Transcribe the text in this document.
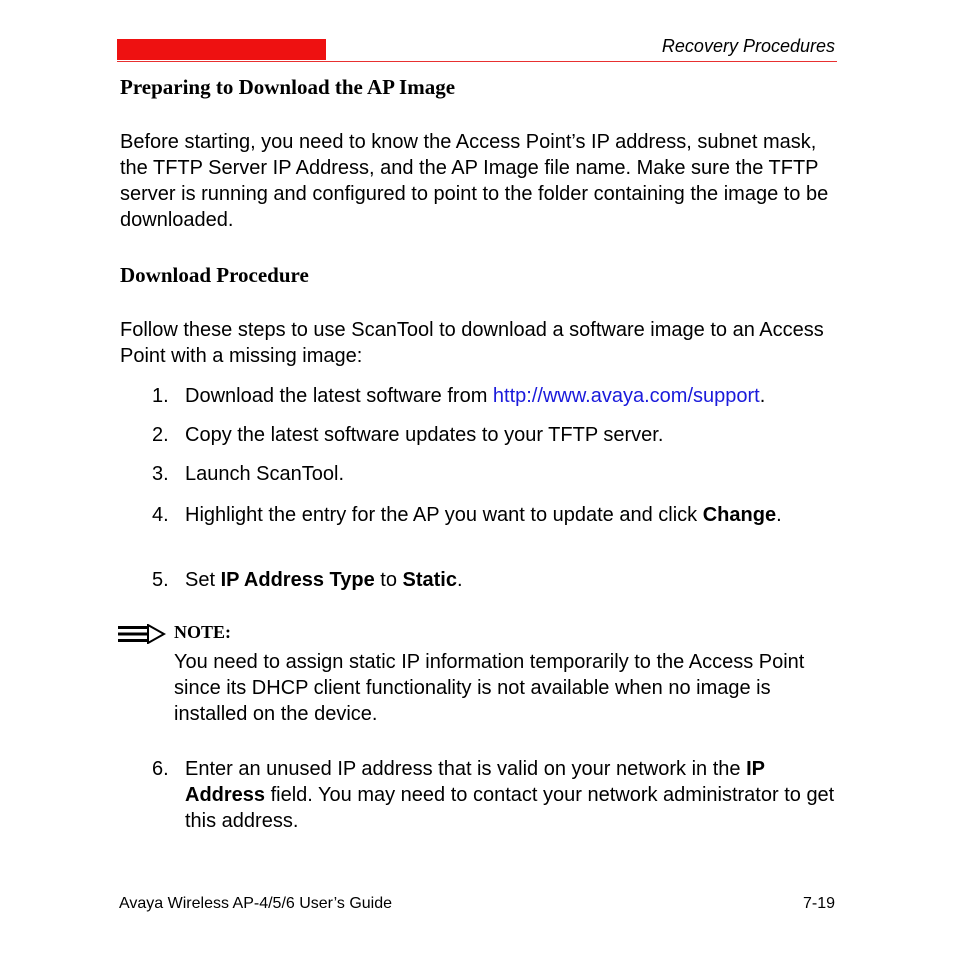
Recovery Procedures
Preparing to Download the AP Image
Before starting, you need to know the Access Point’s IP address, subnet mask, the TFTP Server IP Address, and the AP Image file name. Make sure the TFTP server is running and configured to point to the folder containing the image to be downloaded.
Download Procedure
Follow these steps to use ScanTool to download a software image to an Access Point with a missing image:
1. Download the latest software from http://www.avaya.com/support.
2. Copy the latest software updates to your TFTP server.
3. Launch ScanTool.
4. Highlight the entry for the AP you want to update and click Change.
5. Set IP Address Type to Static.
NOTE:
You need to assign static IP information temporarily to the Access Point since its DHCP client functionality is not available when no image is installed on the device.
6. Enter an unused IP address that is valid on your network in the IP Address field. You may need to contact your network administrator to get this address.
Avaya Wireless AP-4/5/6 User’s Guide	7-19
